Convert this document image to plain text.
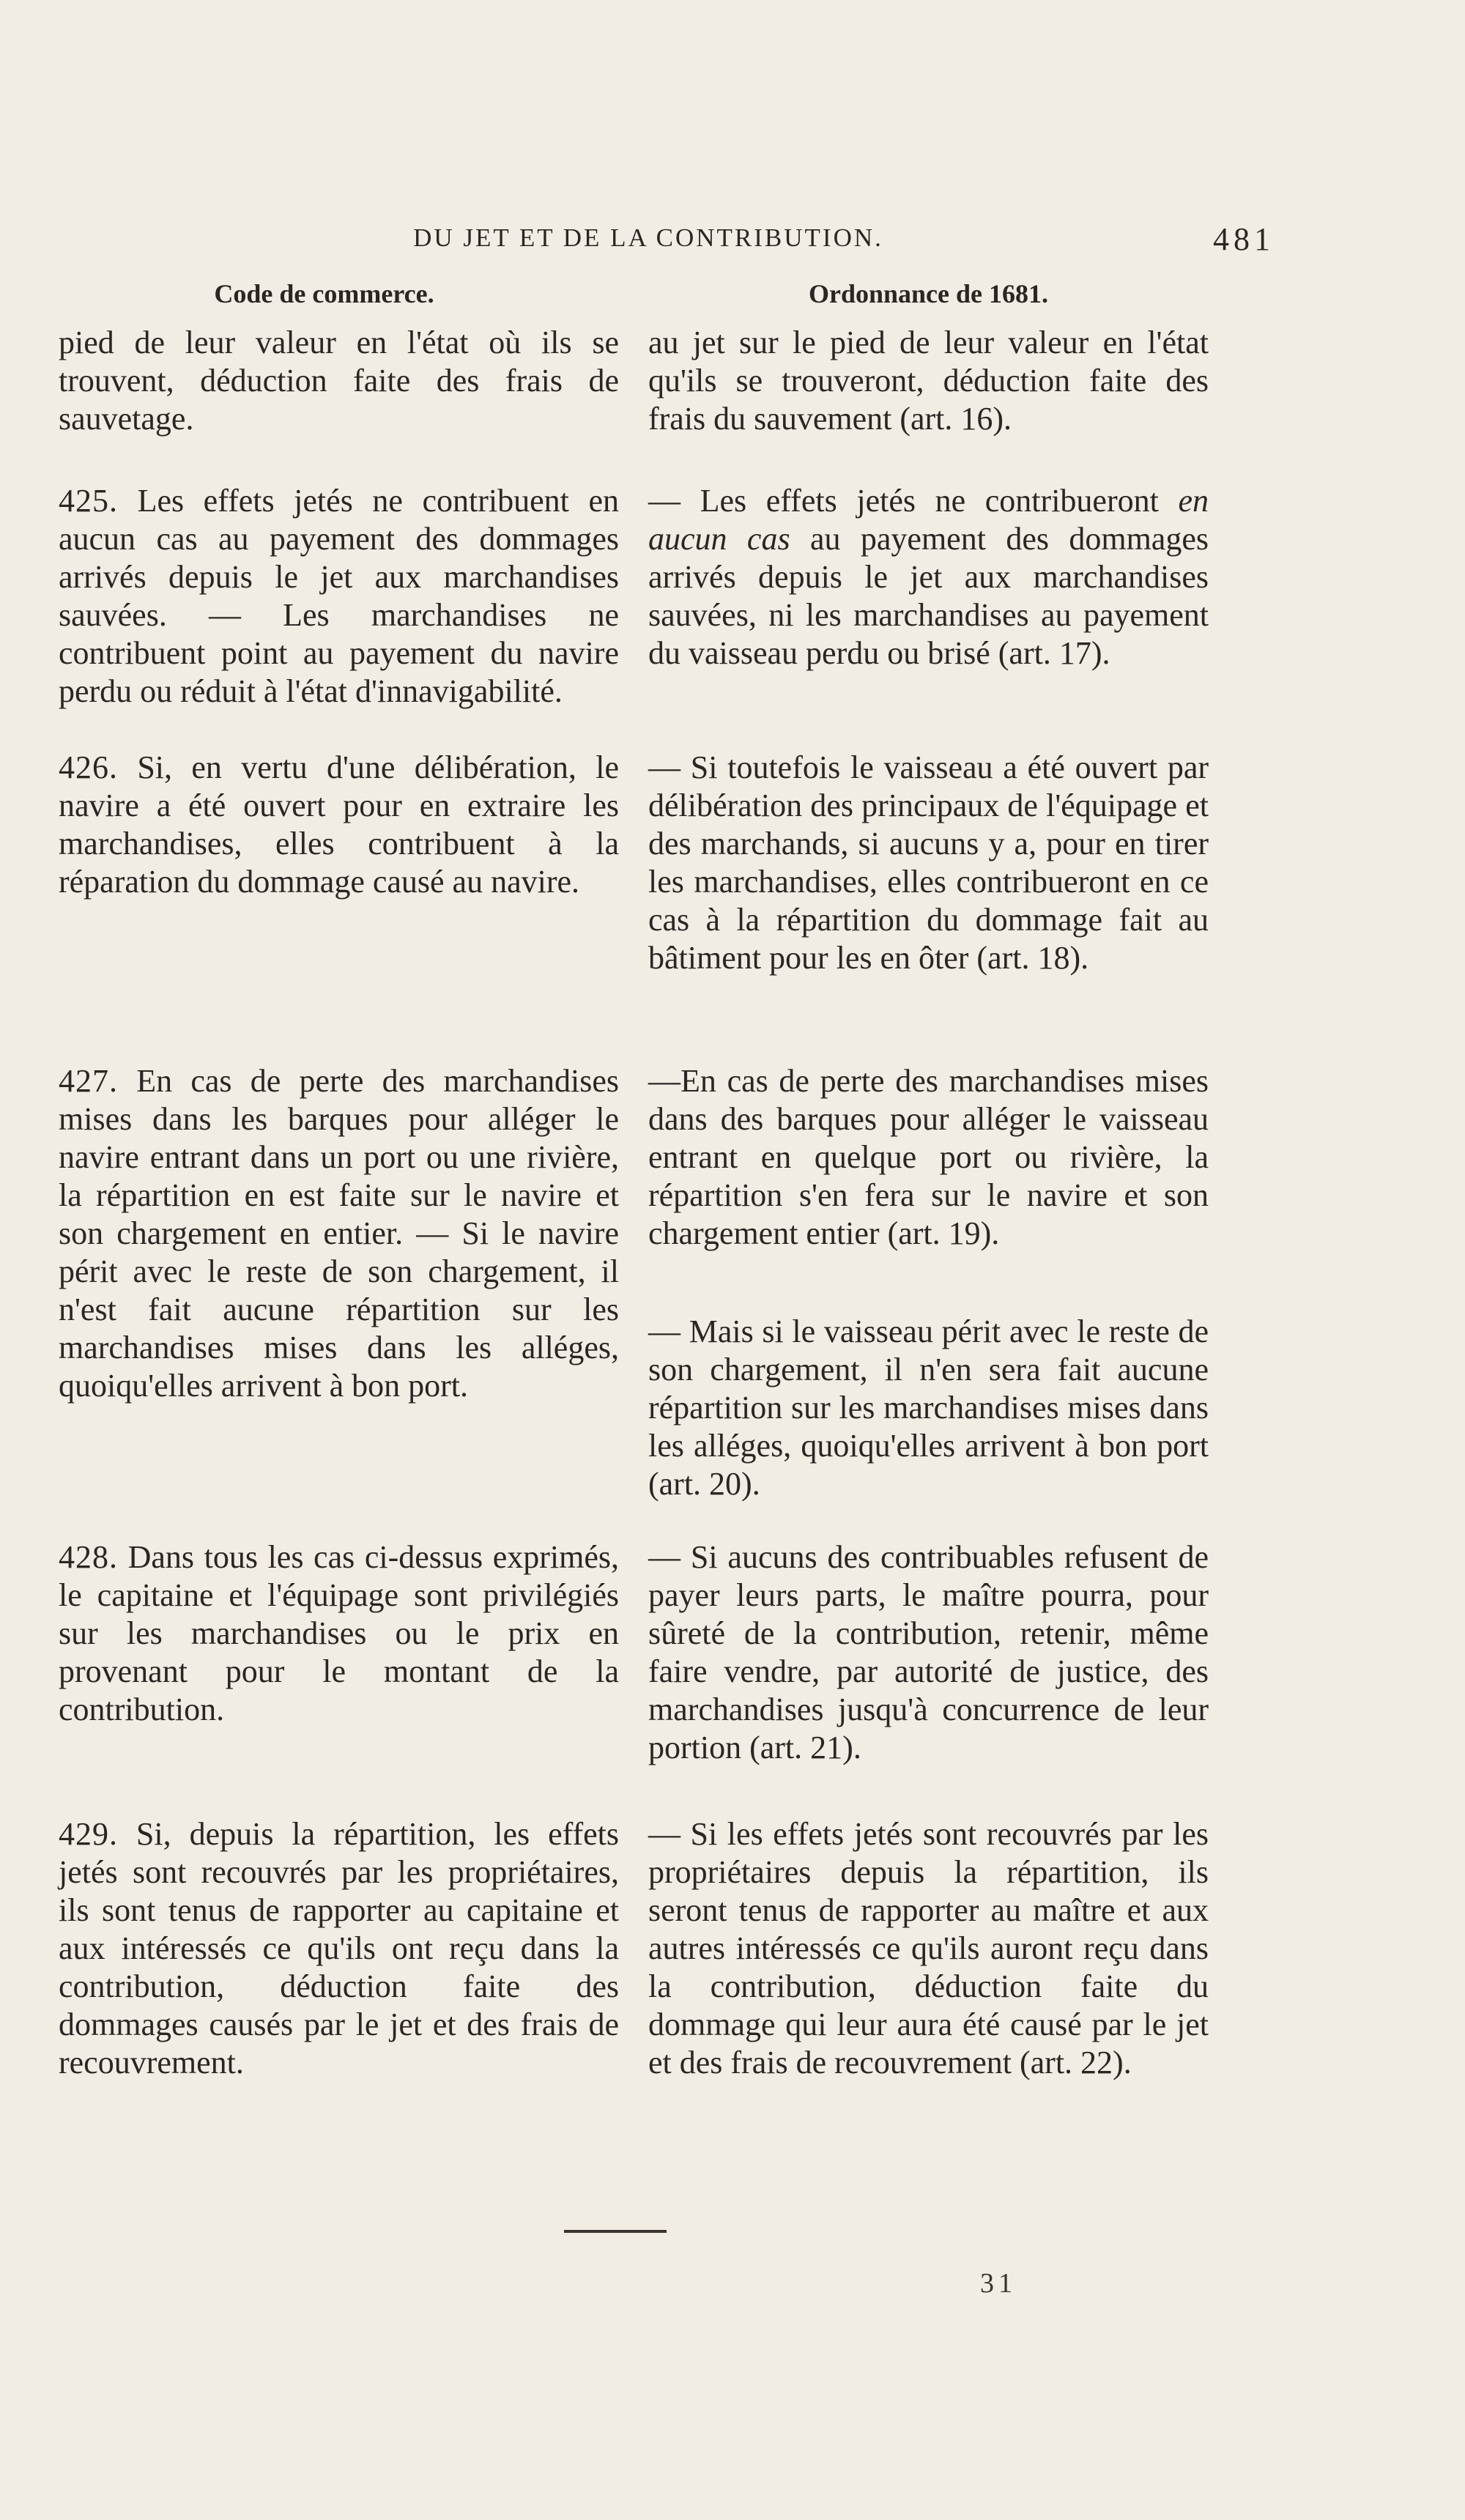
DU JET ET DE LA CONTRIBUTION.	481
Code de commerce.

pied de leur valeur en l'état où ils se trouvent, déduction faite des frais de sauvetage.

425. Les effets jetés ne contribuent en aucun cas au payement des dommages arrivés depuis le jet aux marchandises sauvées. — Les marchandises ne contribuent point au payement du navire perdu ou réduit à l'état d'innavigabilité.

426. Si, en vertu d'une délibération, le navire a été ouvert pour en extraire les marchandises, elles contribuent à la réparation du dommage causé au navire.

427. En cas de perte des marchandises mises dans les barques pour alléger le navire entrant dans un port ou une rivière, la répartition en est faite sur le navire et son chargement en entier. — Si le navire périt avec le reste de son chargement, il n'est fait aucune répartition sur les marchandises mises dans les alléges, quoiqu'elles arrivent à bon port.

428. Dans tous les cas ci-dessus exprimés, le capitaine et l'équipage sont privilégiés sur les marchandises ou le prix en provenant pour le montant de la contribution.

429. Si, depuis la répartition, les effets jetés sont recouvrés par les propriétaires, ils sont tenus de rapporter au capitaine et aux intéressés ce qu'ils ont reçu dans la contribution, déduction faite des dommages causés par le jet et des frais de recouvrement.

Ordonnance de 1681.

au jet sur le pied de leur valeur en l'état qu'ils se trouveront, déduction faite des frais du sauvement (art. 16).

— Les effets jetés ne contribueront en aucun cas au payement des dommages arrivés depuis le jet aux marchandises sauvées, ni les marchandises au payement du vaisseau perdu ou brisé (art. 17).

— Si toutefois le vaisseau a été ouvert par délibération des principaux de l'équipage et des marchands, si aucuns y a, pour en tirer les marchandises, elles contribueront en ce cas à la répartition du dommage fait au bâtiment pour les en ôter (art. 18).

—En cas de perte des marchandises mises dans des barques pour alléger le vaisseau entrant en quelque port ou rivière, la répartition s'en fera sur le navire et son chargement entier (art. 19).

— Mais si le vaisseau périt avec le reste de son chargement, il n'en sera fait aucune répartition sur les marchandises mises dans les alléges, quoiqu'elles arrivent à bon port (art. 20).

— Si aucuns des contribuables refusent de payer leurs parts, le maître pourra, pour sûreté de la contribution, retenir, même faire vendre, par autorité de justice, des marchandises jusqu'à concurrence de leur portion (art. 21).

— Si les effets jetés sont recouvrés par les propriétaires depuis la répartition, ils seront tenus de rapporter au maître et aux autres intéressés ce qu'ils auront reçu dans la contribution, déduction faite du dommage qui leur aura été causé par le jet et des frais de recouvrement (art. 22).

31
